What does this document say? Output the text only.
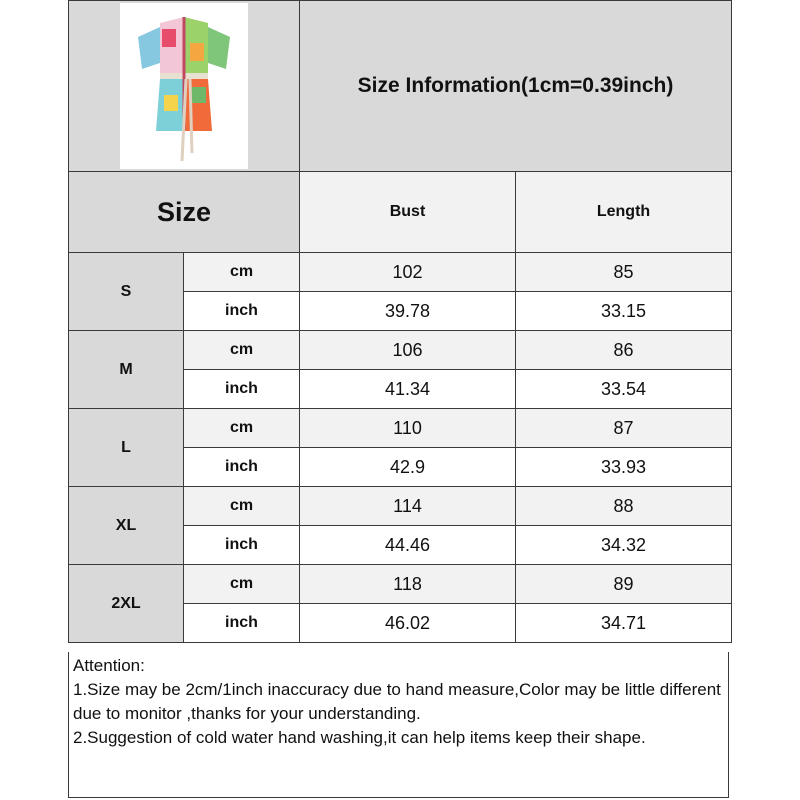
	Size Information(1cm=0.39inch)	
Size		Bust	Length
S	cm	102	85
	inch	39.78	33.15
M	cm	106	86
	inch	41.34	33.54
L	cm	110	87
	inch	42.9	33.93
XL	cm	114	88
	inch	44.46	34.32
2XL	cm	118	89
	inch	46.02	34.71
Attention:
1.Size may be 2cm/1inch inaccuracy due to hand measure,Color may be little different due to monitor ,thanks for your understanding.
2.Suggestion of cold water hand washing,it can help items keep their shape.
